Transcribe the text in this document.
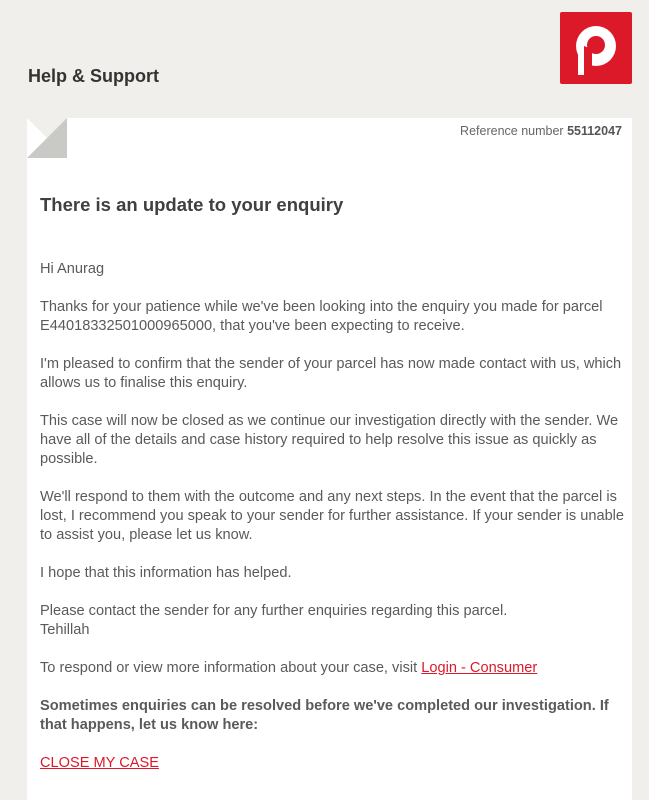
Help & Support
Reference number 55112047
There is an update to your enquiry

Hi Anurag

Thanks for your patience while we've been looking into the enquiry you made for parcel E44018332501000965000, that you've been expecting to receive.

I'm pleased to confirm that the sender of your parcel has now made contact with us, which allows us to finalise this enquiry.

This case will now be closed as we continue our investigation directly with the sender. We have all of the details and case history required to help resolve this issue as quickly as possible.

We'll respond to them with the outcome and any next steps. In the event that the parcel is lost, I recommend you speak to your sender for further assistance. If your sender is unable to assist you, please let us know.

I hope that this information has helped.

Please contact the sender for any further enquiries regarding this parcel.

Tehillah

To respond or view more information about your case, visit Login - Consumer

Sometimes enquiries can be resolved before we've completed our investigation. If that happens, let us know here:

CLOSE MY CASE
